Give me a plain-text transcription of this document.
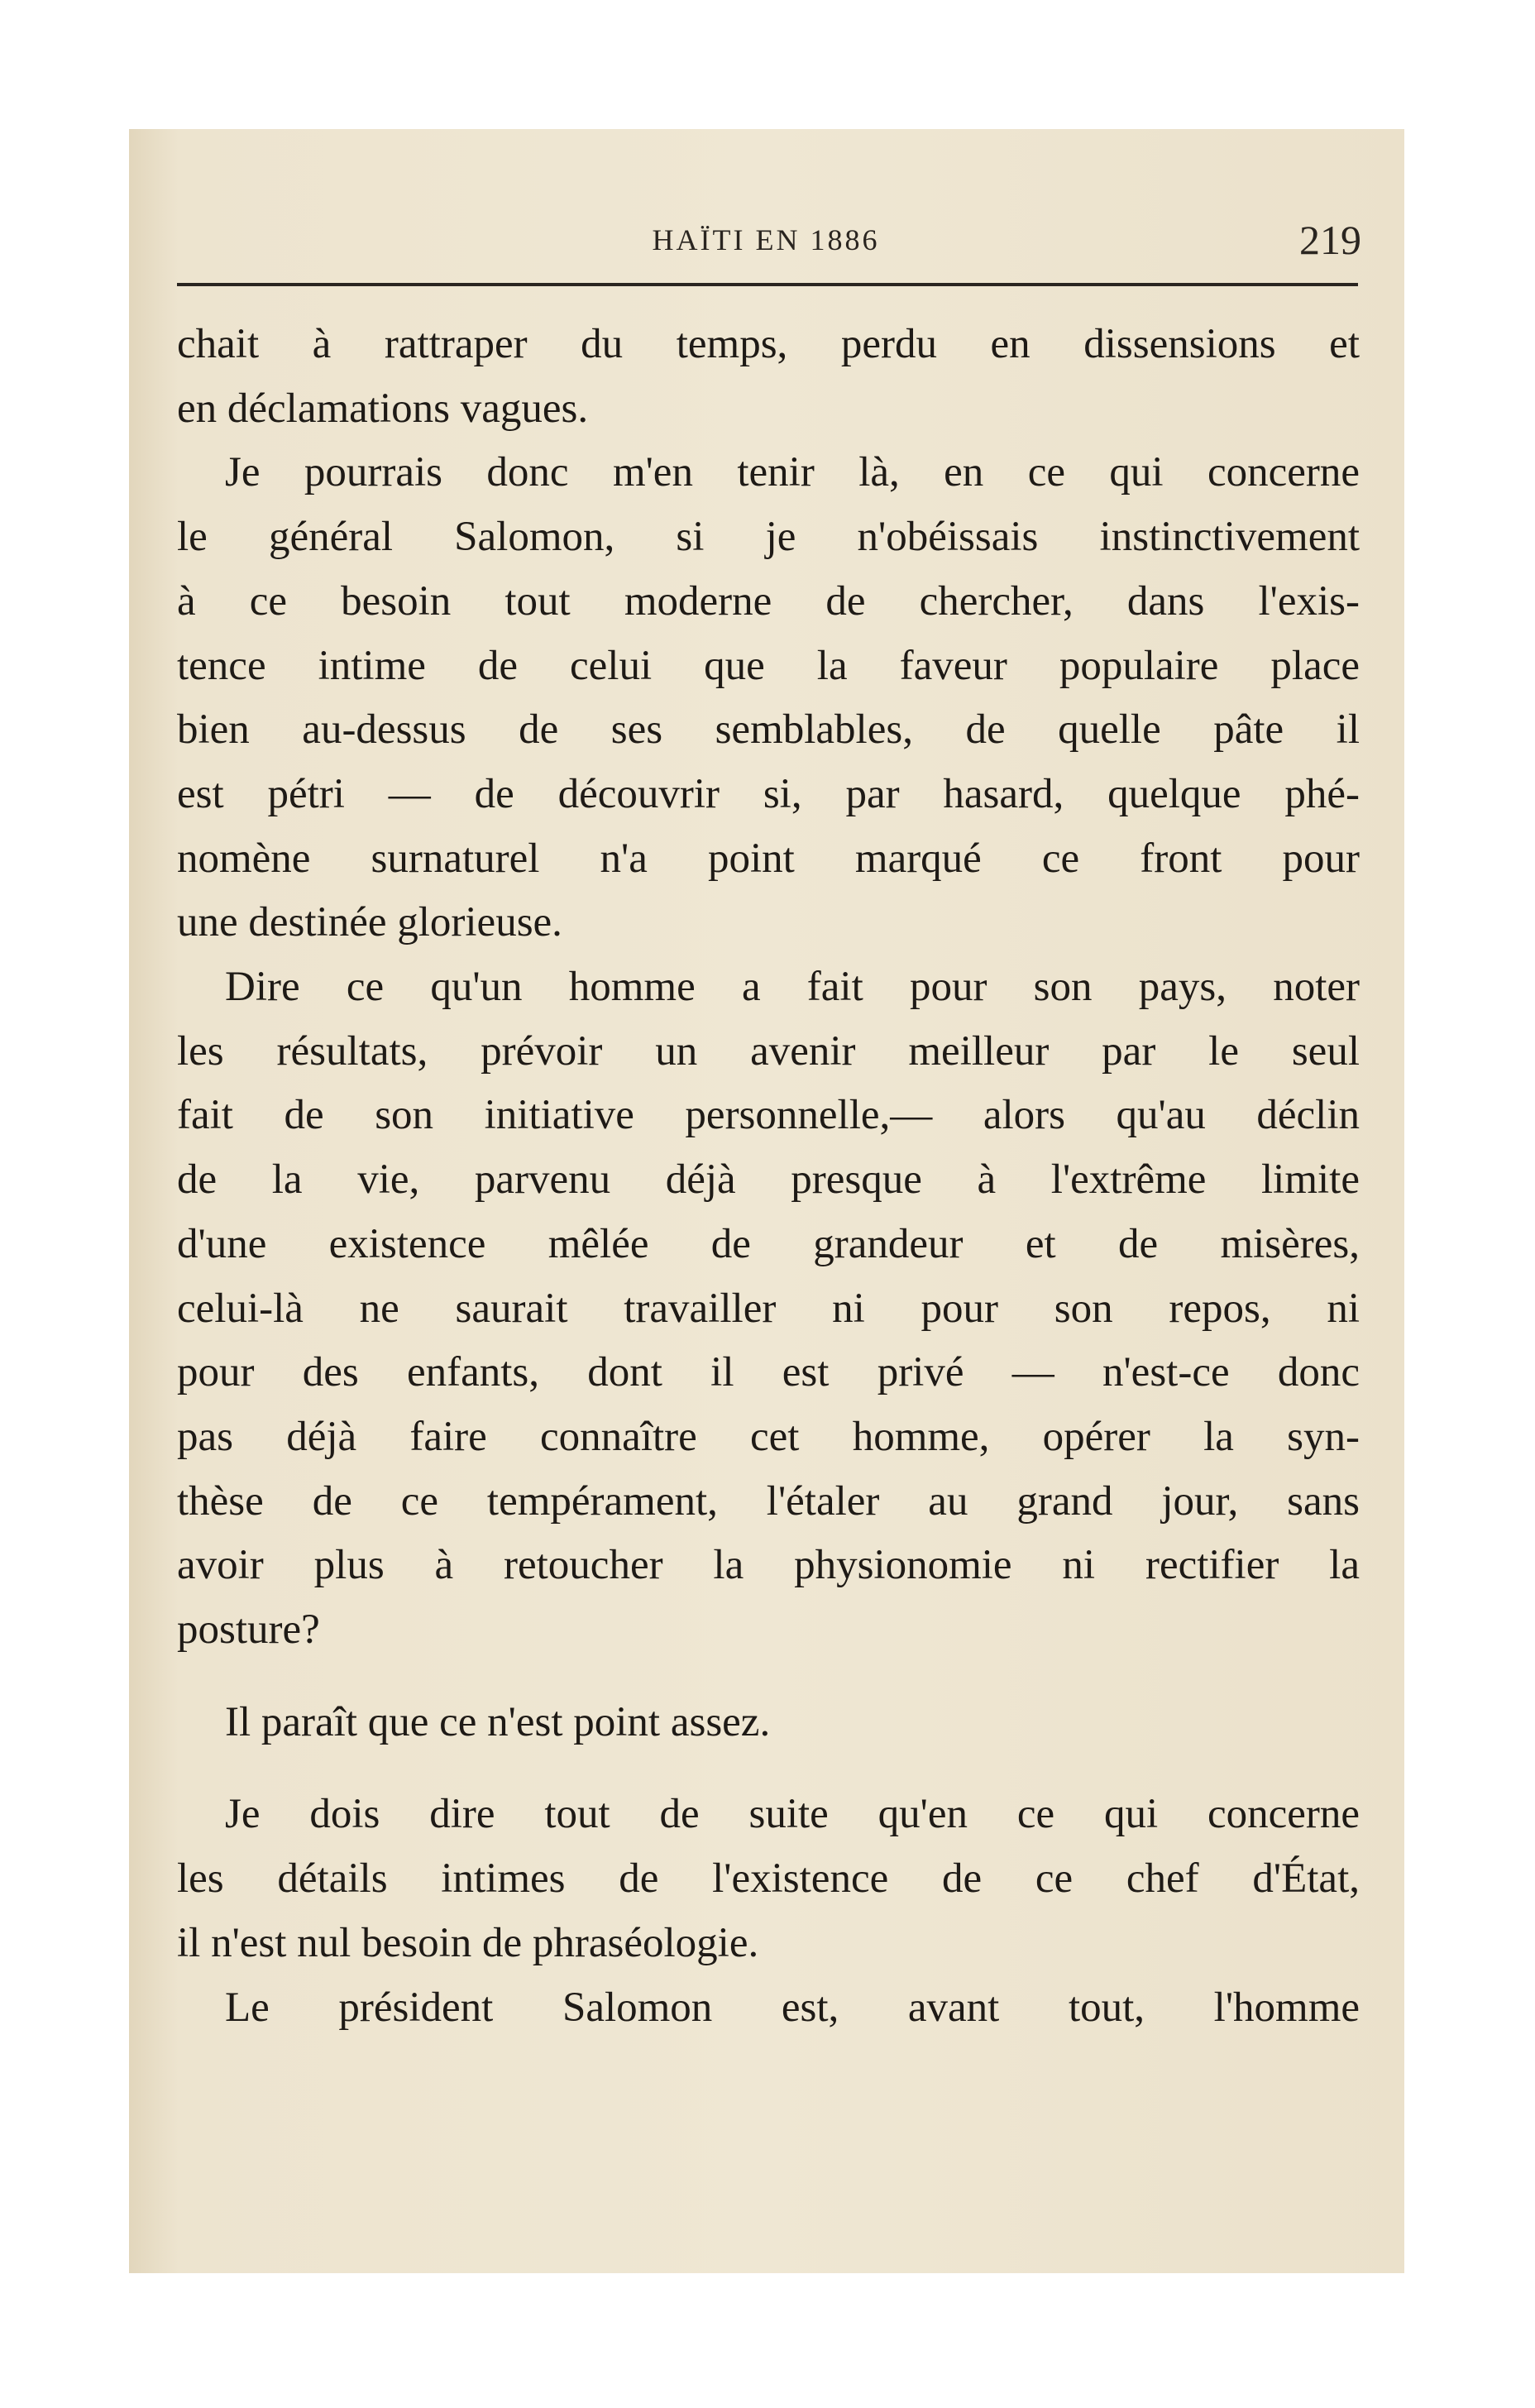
HAÏTI EN 1886	219
chait à rattraper du temps, perdu en dissensions et
en déclamations vagues.
Je pourrais donc m'en tenir là, en ce qui concerne
le général Salomon, si je n'obéissais instinctivement
à ce besoin tout moderne de chercher, dans l'exis-
tence intime de celui que la faveur populaire place
bien au-dessus de ses semblables, de quelle pâte il
est pétri — de découvrir si, par hasard, quelque phé-
nomène surnaturel n'a point marqué ce front pour
une destinée glorieuse.
Dire ce qu'un homme a fait pour son pays, noter
les résultats, prévoir un avenir meilleur par le seul
fait de son initiative personnelle,— alors qu'au déclin
de la vie, parvenu déjà presque à l'extrême limite
d'une existence mêlée de grandeur et de misères,
celui-là ne saurait travailler ni pour son repos, ni
pour des enfants, dont il est privé — n'est-ce donc
pas déjà faire connaître cet homme, opérer la syn-
thèse de ce tempérament, l'étaler au grand jour, sans
avoir plus à retoucher la physionomie ni rectifier la
posture?
Il paraît que ce n'est point assez.
Je dois dire tout de suite qu'en ce qui concerne
les détails intimes de l'existence de ce chef d'État,
il n'est nul besoin de phraséologie.
Le président Salomon est, avant tout, l'homme
